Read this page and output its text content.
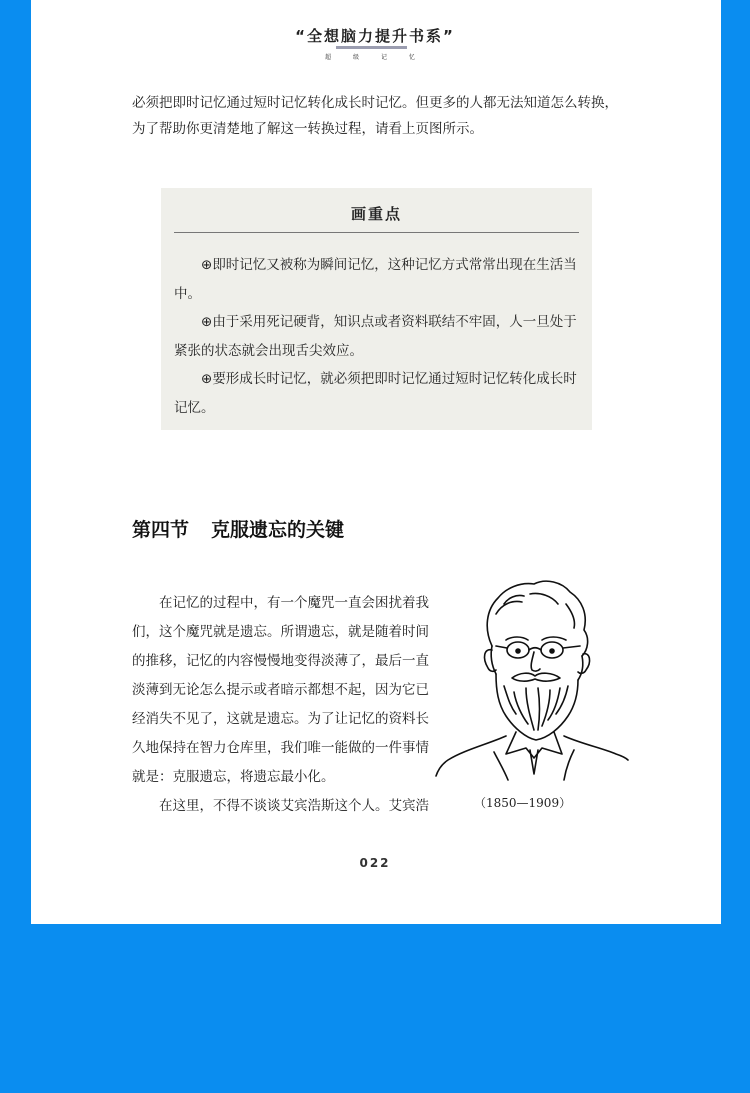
“全想脑力提升书系”
超 级 记 忆
必须把即时记忆通过短时记忆转化成长时记忆。但更多的人都无法知道怎么转换，为了帮助你更清楚地了解这一转换过程，请看上页图所示。
画重点

⊕即时记忆又被称为瞬间记忆，这种记忆方式常常出现在生活当中。

⊕由于采用死记硬背，知识点或者资料联结不牢固，人一旦处于紧张的状态就会出现舌尖效应。

⊕要形成长时记忆，就必须把即时记忆通过短时记忆转化成长时记忆。

第四节 克服遗忘的关键

在记忆的过程中，有一个魔咒一直会困扰着我们，这个魔咒就是遗忘。所谓遗忘，就是随着时间的推移，记忆的内容慢慢地变得淡薄了，最后一直淡薄到无论怎么提示或者暗示都想不起，因为它已经消失不见了，这就是遗忘。为了让记忆的资料长久地保持在智力仓库里，我们唯一能做的一件事情就是：克服遗忘，将遗忘最小化。

在这里，不得不谈谈艾宾浩斯这个人。艾宾浩	（1850—1909）
022
